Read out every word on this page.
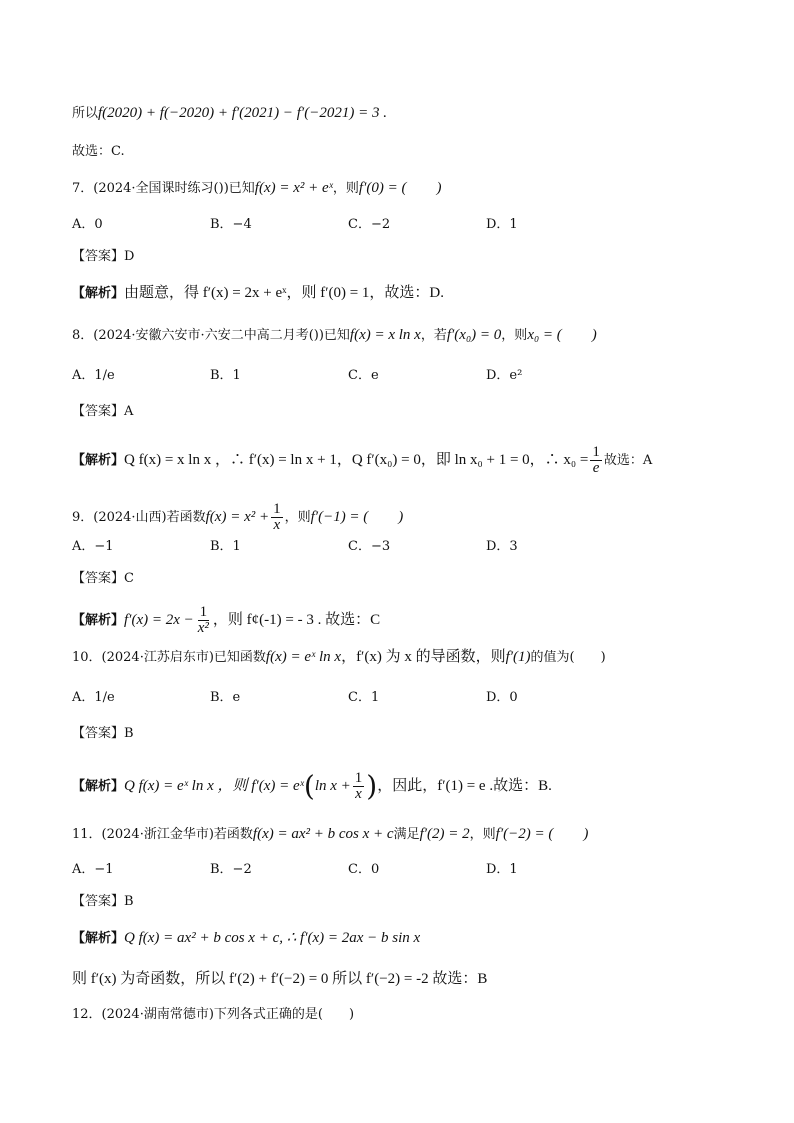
所以f(2020) + f(−2020) + f′(2021) − f′(−2021) = 3 .
故选：C.
7．(2024·全国课时练习())已知f(x) = x² + eˣ，则f′(0) = (　　)
A．0	B．−4	C．−2	D．1
【答案】D
【解析】由题意，得 f′(x) = 2x + eˣ，则 f′(0) = 1，故选：D.
8．(2024·安徽六安市·六安二中高二月考())已知f(x) = x ln x，若f′(x₀) = 0，则x₀ = (　　)
A．1/e	B．1	C．e	D．e²
【答案】A
【解析】Q f(x) = x ln x ，∴ f′(x) = ln x + 1，Q f′(x₀) = 0，即 ln x₀ + 1 = 0，∴ $x_0 = \frac{1}{e}$ 故选：A
9．(2024·山西)若函数$f(x) = x^2 + \frac{1}{x}$ ，则f′(−1) = (　　)
A．−1	B．1	C．−3	D．3
【答案】C
【解析】$f'(x) = 2x - \frac{1}{\text{x²}}$ ，则 f¢(-1) = - 3 . 故选：C
10．(2024·江苏启东市)已知函数f(x) = eˣ ln x，f′(x) 为 x 的导函数，则f′(1)的值为(　　)
A．1/e	B．e	C．1	D．0
【答案】B
【解析】Q f(x) = eˣ ln x ，则 f′(x) = eˣ(ln $x + \frac{1}{x}$ )，因此，f′(1) = e .故选：B.
11．(2024·浙江金华市)若函数f(x) = ax² + b cos x + c满足f′(2) = 2，则f′(−2) = (　　)
A．−1	B．−2	C．0	D．1
【答案】B
【解析】Q f(x) = ax² + b cos x + c, ∴ f′(x) = 2ax − b sin x
则 f′(x) 为奇函数，所以 f′(2) + f′(−2) = 0 所以 f′(−2) = -2 故选：B
12．(2024·湖南常德市)下列各式正确的是(　　)
